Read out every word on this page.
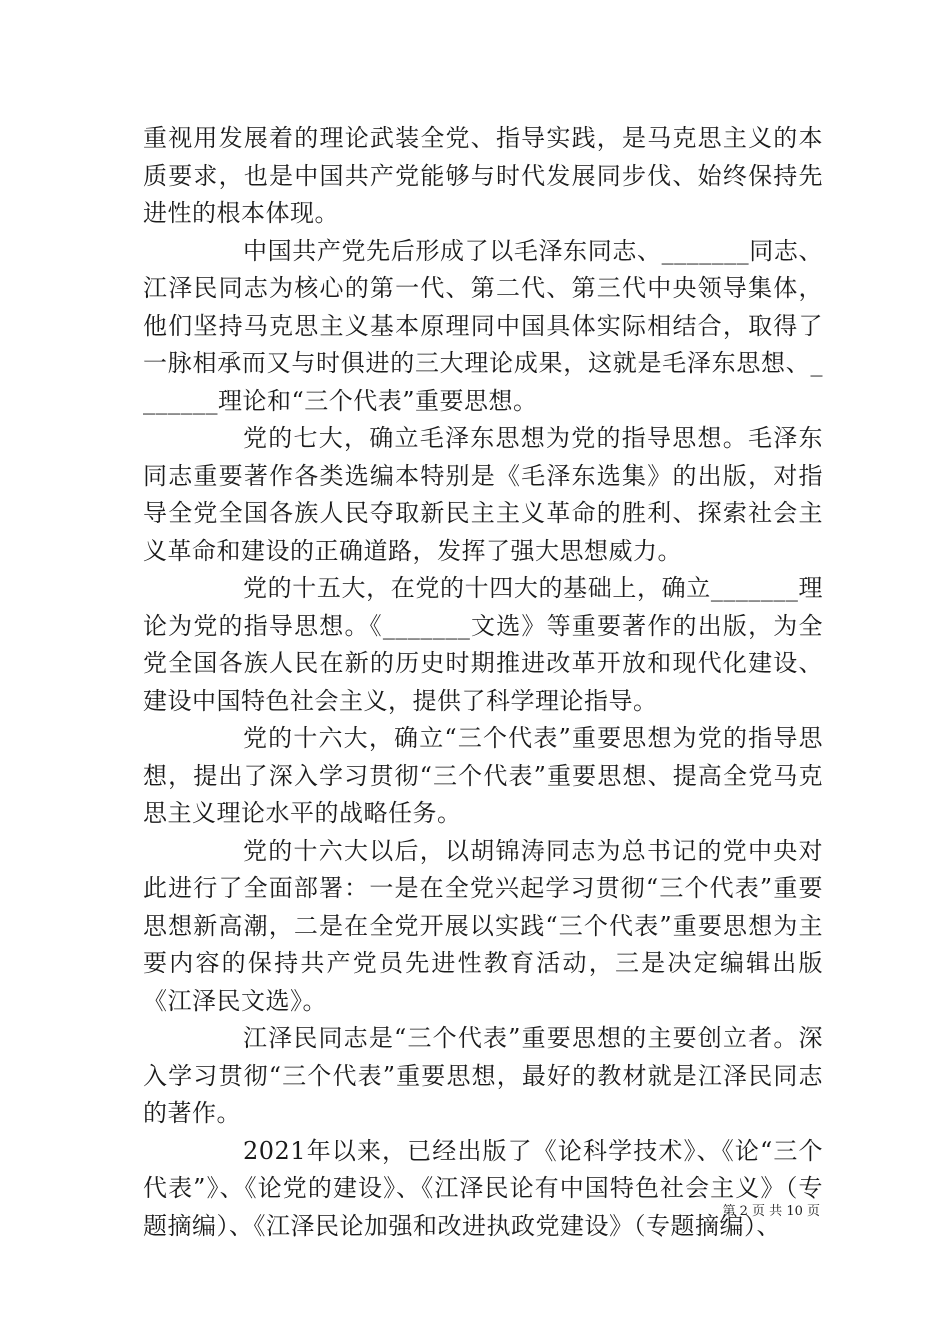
重视用发展着的理论武装全党、指导实践，是马克思主义的本质要求，也是中国共产党能够与时代发展同步伐、始终保持先进性的根本体现。

中国共产党先后形成了以毛泽东同志、_______同志、江泽民同志为核心的第一代、第二代、第三代中央领导集体，他们坚持马克思主义基本原理同中国具体实际相结合，取得了一脉相承而又与时俱进的三大理论成果，这就是毛泽东思想、_______理论和“三个代表”重要思想。

党的七大，确立毛泽东思想为党的指导思想。毛泽东同志重要著作各类选编本特别是《毛泽东选集》的出版，对指导全党全国各族人民夺取新民主主义革命的胜利、探索社会主义革命和建设的正确道路，发挥了强大思想威力。

党的十五大，在党的十四大的基础上，确立_______理论为党的指导思想。《_______文选》等重要著作的出版，为全党全国各族人民在新的历史时期推进改革开放和现代化建设、建设中国特色社会主义，提供了科学理论指导。

党的十六大，确立“三个代表”重要思想为党的指导思想，提出了深入学习贯彻“三个代表”重要思想、提高全党马克思主义理论水平的战略任务。

党的十六大以后，以胡锦涛同志为总书记的党中央对此进行了全面部署：一是在全党兴起学习贯彻“三个代表”重要思想新高潮，二是在全党开展以实践“三个代表”重要思想为主要内容的保持共产党员先进性教育活动，三是决定编辑出版《江泽民文选》。

江泽民同志是“三个代表”重要思想的主要创立者。深入学习贯彻“三个代表”重要思想，最好的教材就是江泽民同志的著作。

2021年以来，已经出版了《论科学技术》、《论“三个代表”》、《论党的建设》、《江泽民论有中国特色社会主义》（专题摘编）、《江泽民论加强和改进执政党建设》（专题摘编）、

第 2 页 共 10 页
